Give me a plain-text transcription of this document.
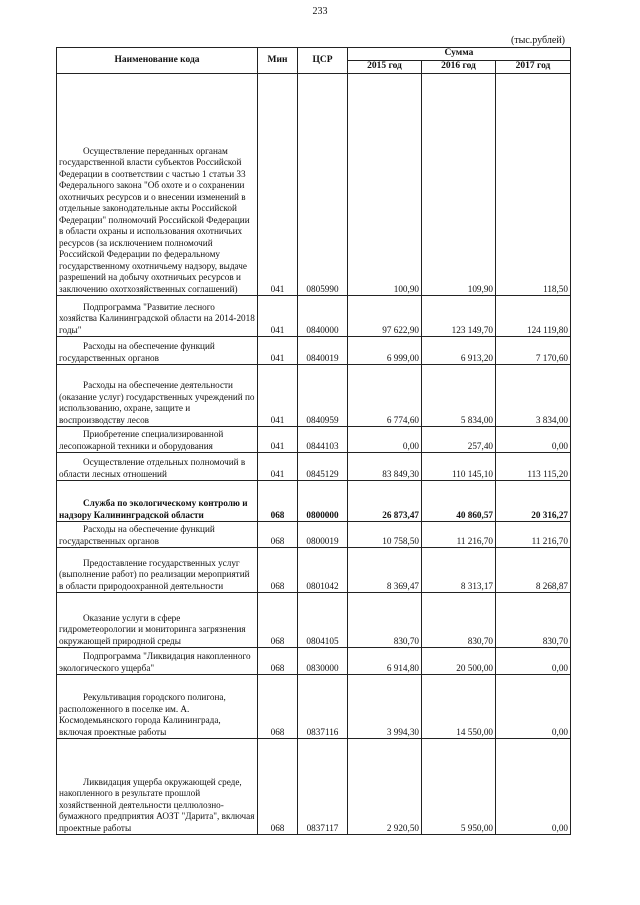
233
(тыс.рублей)
Наименование кода	Мин	ЦСР	Сумма		
			2015 год	2016 год	2017 год
Осуществление переданных органам государственной власти субъектов Российской Федерации в соответствии с частью 1 статьи 33 Федерального закона "Об охоте и о сохранении охотничьих ресурсов и о внесении изменений в отдельные законодательные акты Российской Федерации" полномочий Российской Федерации в области охраны и использования охотничьих ресурсов (за исключением полномочий Российской Федерации по федеральному государственному охотничьему надзору, выдаче разрешений на добычу охотничьих ресурсов и заключению охотхозяйственных соглашений)	041	0805990	100,90	109,90	118,50
Подпрограмма "Развитие лесного хозяйства Калининградской области на 2014-2018 годы"	041	0840000	97 622,90	123 149,70	124 119,80
Расходы на обеспечение функций государственных органов	041	0840019	6 999,00	6 913,20	7 170,60
Расходы на обеспечение деятельности (оказание услуг) государственных учреждений по использованию, охране, защите и воспроизводству лесов	041	0840959	6 774,60	5 834,00	3 834,00
Приобретение специализированной лесопожарной техники и оборудования	041	0844103	0,00	257,40	0,00
Осуществление отдельных полномочий в области лесных отношений	041	0845129	83 849,30	110 145,10	113 115,20
Служба по экологическому контролю и надзору Калининградской области	068	0800000	26 873,47	40 860,57	20 316,27
Расходы на обеспечение функций государственных органов	068	0800019	10 758,50	11 216,70	11 216,70
Предоставление государственных услуг (выполнение работ) по реализации мероприятий в области природоохранной деятельности	068	0801042	8 369,47	8 313,17	8 268,87
Оказание услуги в сфере гидрометеорологии и мониторинга загрязнения окружающей природной среды	068	0804105	830,70	830,70	830,70
Подпрограмма "Ликвидация накопленного экологического ущерба"	068	0830000	6 914,80	20 500,00	0,00
Рекультивация городского полигона, расположенного в поселке им. А. Космодемьянского города Калининграда, включая проектные работы	068	0837116	3 994,30	14 550,00	0,00
Ликвидация ущерба окружающей среде, накопленного в результате прошлой хозяйственной деятельности целлюлозно-бумажного предприятия АОЗТ "Дарита", включая проектные работы	068	0837117	2 920,50	5 950,00	0,00
